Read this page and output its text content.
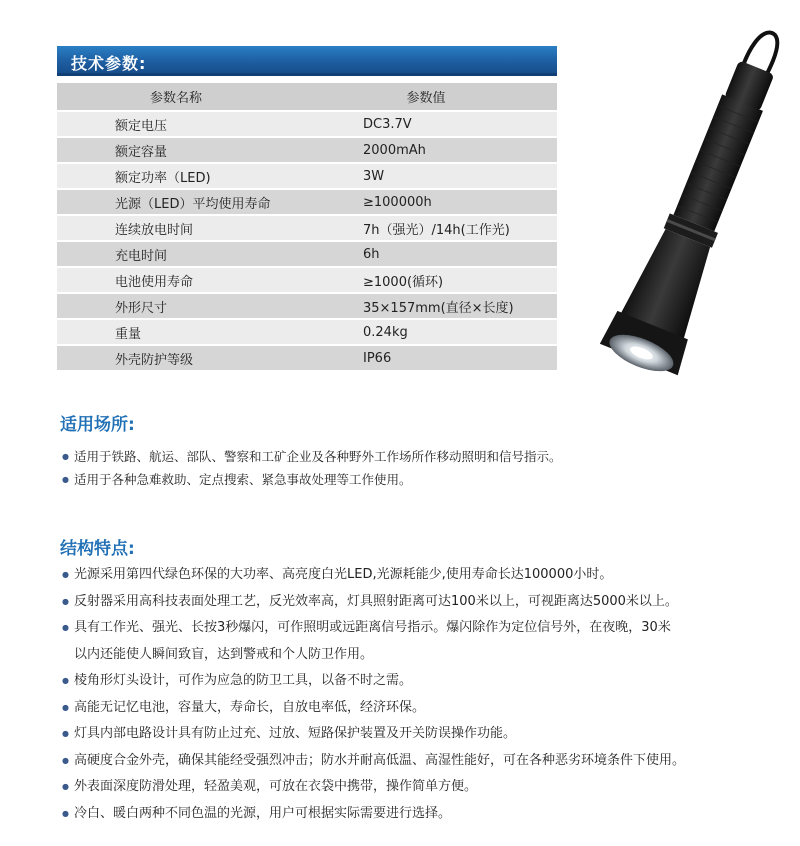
技术参数:
参数名称	参数值
额定电压	DC3.7V
额定容量	2000mAh
额定功率（LED)	3W
光源（LED）平均使用寿命	≥100000h
连续放电时间	7h（强光）/14h(工作光)
充电时间	6h
电池使用寿命	≥1000(循环)
外形尺寸	35×157mm(直径×长度)
重量	0.24kg
外壳防护等级	IP66
适用场所:
● 适用于铁路、航运、部队、警察和工矿企业及各种野外工作场所作移动照明和信号指示。
● 适用于各种急难救助、定点搜索、紧急事故处理等工作使用。
结构特点:
● 光源采用第四代绿色环保的大功率、高亮度白光LED,光源耗能少,使用寿命长达100000小时。
● 反射器采用高科技表面处理工艺，反光效率高，灯具照射距离可达100米以上，可视距离达5000米以上。
● 具有工作光、强光、长按3秒爆闪，可作照明或远距离信号指示。爆闪除作为定位信号外，在夜晚，30米
以内还能使人瞬间致盲，达到警戒和个人防卫作用。
● 棱角形灯头设计，可作为应急的防卫工具，以备不时之需。
● 高能无记忆电池，容量大，寿命长，自放电率低，经济环保。
● 灯具内部电路设计具有防止过充、过放、短路保护装置及开关防误操作功能。
● 高硬度合金外壳，确保其能经受强烈冲击；防水并耐高低温、高湿性能好，可在各种恶劣环境条件下使用。
● 外表面深度防滑处理，轻盈美观，可放在衣袋中携带，操作简单方便。
● 冷白、暖白两种不同色温的光源，用户可根据实际需要进行选择。
